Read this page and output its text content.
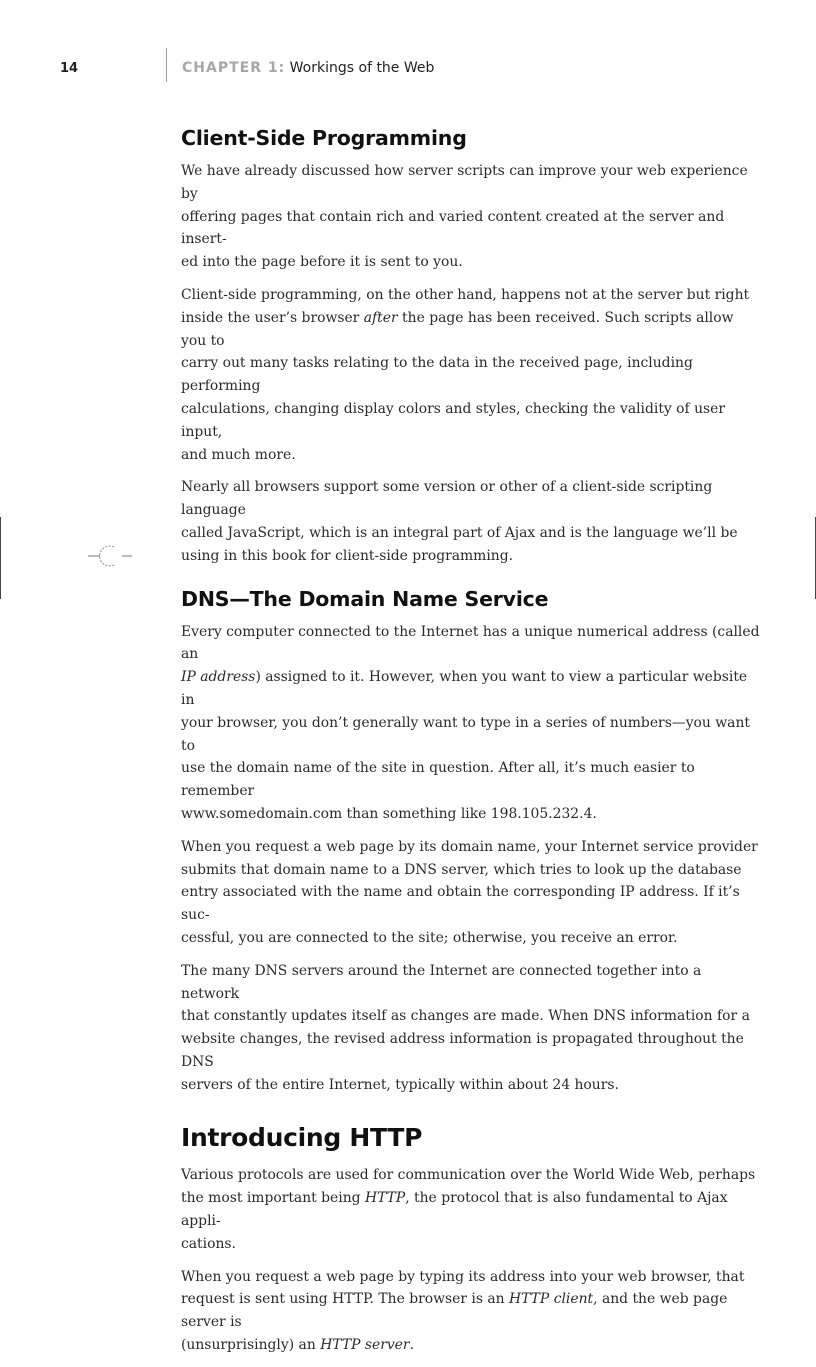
14	CHAPTER 1: Workings of the Web
Client-Side Programming

We have already discussed how server scripts can improve your web experience by
offering pages that contain rich and varied content created at the server and insert-
ed into the page before it is sent to you.

Client-side programming, on the other hand, happens not at the server but right
inside the user’s browser after the page has been received. Such scripts allow you to
carry out many tasks relating to the data in the received page, including performing
calculations, changing display colors and styles, checking the validity of user input,
and much more.

Nearly all browsers support some version or other of a client-side scripting language
called JavaScript, which is an integral part of Ajax and is the language we’ll be
using in this book for client-side programming.

DNS—The Domain Name Service

Every computer connected to the Internet has a unique numerical address (called an
IP address) assigned to it. However, when you want to view a particular website in
your browser, you don’t generally want to type in a series of numbers—you want to
use the domain name of the site in question. After all, it’s much easier to remember
www.somedomain.com than something like 198.105.232.4.

When you request a web page by its domain name, your Internet service provider
submits that domain name to a DNS server, which tries to look up the database
entry associated with the name and obtain the corresponding IP address. If it’s suc-
cessful, you are connected to the site; otherwise, you receive an error.

The many DNS servers around the Internet are connected together into a network
that constantly updates itself as changes are made. When DNS information for a
website changes, the revised address information is propagated throughout the DNS
servers of the entire Internet, typically within about 24 hours.

Introducing HTTP

Various protocols are used for communication over the World Wide Web, perhaps
the most important being HTTP, the protocol that is also fundamental to Ajax appli-
cations.

When you request a web page by typing its address into your web browser, that
request is sent using HTTP. The browser is an HTTP client, and the web page server is
(unsurprisingly) an HTTP server.
